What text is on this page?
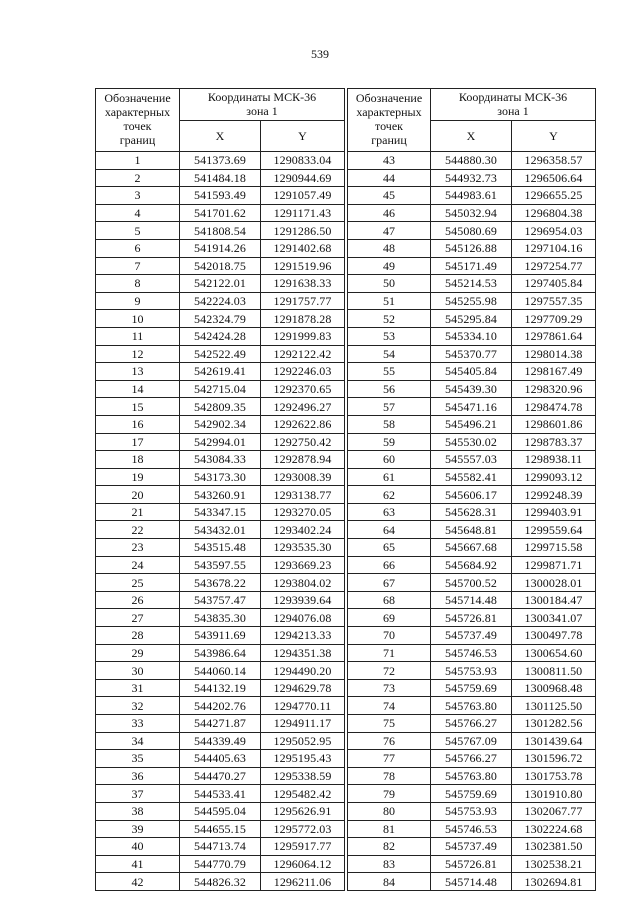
539
Обозначение
характерных
точек
границ	Координаты МСК-36
зона 1	

	X	Y
1	541373.69	1290833.04
2	541484.18	1290944.69
3	541593.49	1291057.49
4	541701.62	1291171.43
5	541808.54	1291286.50
6	541914.26	1291402.68
7	542018.75	1291519.96
8	542122.01	1291638.33
9	542224.03	1291757.77
10	542324.79	1291878.28
11	542424.28	1291999.83
12	542522.49	1292122.42
13	542619.41	1292246.03
14	542715.04	1292370.65
15	542809.35	1292496.27
16	542902.34	1292622.86
17	542994.01	1292750.42
18	543084.33	1292878.94
19	543173.30	1293008.39
20	543260.91	1293138.77
21	543347.15	1293270.05
22	543432.01	1293402.24
23	543515.48	1293535.30
24	543597.55	1293669.23
25	543678.22	1293804.02
26	543757.47	1293939.64
27	543835.30	1294076.08
28	543911.69	1294213.33
29	543986.64	1294351.38
30	544060.14	1294490.20
31	544132.19	1294629.78
32	544202.76	1294770.11
33	544271.87	1294911.17
34	544339.49	1295052.95
35	544405.63	1295195.43
36	544470.27	1295338.59
37	544533.41	1295482.42
38	544595.04	1295626.91
39	544655.15	1295772.03
40	544713.74	1295917.77
41	544770.79	1296064.12
42	544826.32	1296211.06
Обозначение
характерных
точек
границ	Координаты МСК-36
зона 1	

	X	Y
43	544880.30	1296358.57
44	544932.73	1296506.64
45	544983.61	1296655.25
46	545032.94	1296804.38
47	545080.69	1296954.03
48	545126.88	1297104.16
49	545171.49	1297254.77
50	545214.53	1297405.84
51	545255.98	1297557.35
52	545295.84	1297709.29
53	545334.10	1297861.64
54	545370.77	1298014.38
55	545405.84	1298167.49
56	545439.30	1298320.96
57	545471.16	1298474.78
58	545496.21	1298601.86
59	545530.02	1298783.37
60	545557.03	1298938.11
61	545582.41	1299093.12
62	545606.17	1299248.39
63	545628.31	1299403.91
64	545648.81	1299559.64
65	545667.68	1299715.58
66	545684.92	1299871.71
67	545700.52	1300028.01
68	545714.48	1300184.47
69	545726.81	1300341.07
70	545737.49	1300497.78
71	545746.53	1300654.60
72	545753.93	1300811.50
73	545759.69	1300968.48
74	545763.80	1301125.50
75	545766.27	1301282.56
76	545767.09	1301439.64
77	545766.27	1301596.72
78	545763.80	1301753.78
79	545759.69	1301910.80
80	545753.93	1302067.77
81	545746.53	1302224.68
82	545737.49	1302381.50
83	545726.81	1302538.21
84	545714.48	1302694.81
